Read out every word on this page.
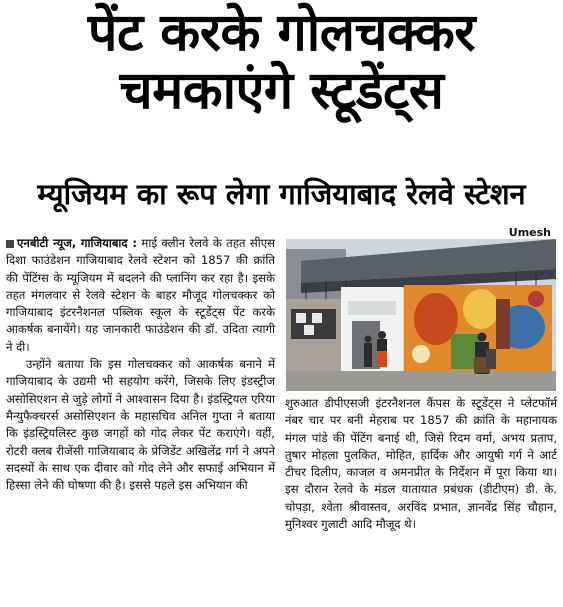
पेंट करके गोलचक्कर
चमकाएंगे स्टूडेंट्स
म्यूजियम का रूप लेगा गाजियाबाद रेलवे स्टेशन

एनबीटी न्यूज, गाजियाबाद : माई क्लीन रेलवे के तहत सीएस दिशा फाउंडेशन गाजियाबाद रेलवे स्टेशन को 1857 की क्रांति की पेंटिंग्स के म्यूजियम में बदलने की प्लानिंग कर रहा है। इसके तहत मंगलवार से रेलवे स्टेशन के बाहर मौजूद गोलचक्कर को गाजियाबाद इंटरनैशनल पब्लिक स्कूल के स्टूडेंट्स पेंट करके आकर्षक बनायेंगे। यह जानकारी फाउंडेशन की डॉ. उदिता त्यागी ने दी।

उन्होंने बताया कि इस गोलचक्कर को आकर्षक बनाने में गाजियाबाद के उद्यमी भी सहयोग करेंगे, जिसके लिए इंडस्ट्रीज असोसिएशन से जुड़े लोगों ने आश्वासन दिया है। इंडस्ट्रियल एरिया मैन्युफैक्चरर्स असोसिएशन के महासचिव अनिल गुप्ता ने बताया कि इंडस्ट्रियलिस्ट कुछ जगहों को गोद लेकर पेंट कराएंगे। वहीं, रोटरी क्लब रीजेंसी गाजियाबाद के प्रेजिडेंट अखिलेंद्र गर्ग ने अपने सदस्यों के साथ एक दीवार को गोद लेने और सफाई अभियान में हिस्सा लेने की घोषणा की है। इससे पहले इस अभियान की

Umesh

शुरुआत डीपीएसजी इंटरनैशनल कैंपस के स्टूडेंट्स ने प्लेटफॉर्म नंबर चार पर बनी मेहराब पर 1857 की क्रांति के महानायक मंगल पांडे की पेंटिंग बनाई थी, जिसे रिदम वर्मा, अभय प्रताप, तुषार मोहला पुलकित, मोहित, हार्दिक और आयुषी गर्ग ने आर्ट टीचर दिलीप, काजल व अमनप्रीत के निर्देशन में पूरा किया था। इस दौरान रेलवे के मंडल यातायात प्रबंधक (डीटीएम) डी. के. चोपड़ा, श्वेता श्रीवास्तव, अरविंद प्रभात, ज्ञानवेंद्र सिंह चौहान, मुनिश्वर गुलाटी आदि मौजूद थे।
